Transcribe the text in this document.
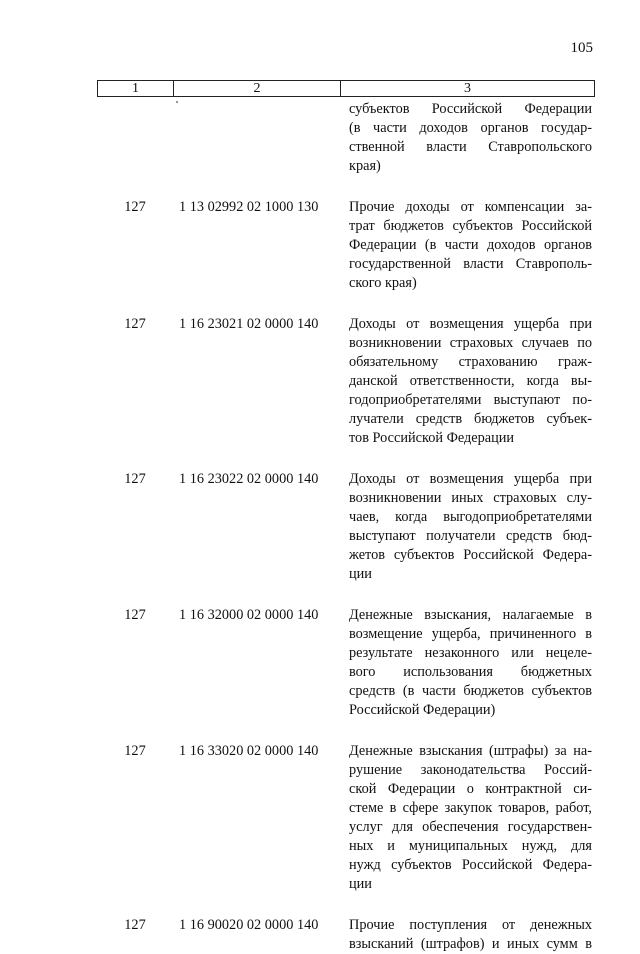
105
1	2	3
субъектов Российской Федерации
(в части доходов органов государ-
ственной власти Ставропольского
края)
127	1 13 02992 02 1000 130	Прочие доходы от компенсации за-
трат бюджетов субъектов Российской
Федерации (в части доходов органов
государственной власти Ставрополь-
ского края)
127	1 16 23021 02 0000 140	Доходы от возмещения ущерба при
возникновении страховых случаев по
обязательному страхованию граж-
данской ответственности, когда вы-
годоприобретателями выступают по-
лучатели средств бюджетов субъек-
тов Российской Федерации
127	1 16 23022 02 0000 140	Доходы от возмещения ущерба при
возникновении иных страховых слу-
чаев, когда выгодоприобретателями
выступают получатели средств бюд-
жетов субъектов Российской Федера-
ции
127	1 16 32000 02 0000 140	Денежные взыскания, налагаемые в
возмещение ущерба, причиненного в
результате незаконного или нецеле-
вого использования бюджетных
средств (в части бюджетов субъектов
Российской Федерации)
127	1 16 33020 02 0000 140	Денежные взыскания (штрафы) за на-
рушение законодательства Россий-
ской Федерации о контрактной си-
стеме в сфере закупок товаров, работ,
услуг для обеспечения государствен-
ных и муниципальных нужд, для
нужд субъектов Российской Федера-
ции
127	1 16 90020 02 0000 140	Прочие поступления от денежных
взысканий (штрафов) и иных сумм в
